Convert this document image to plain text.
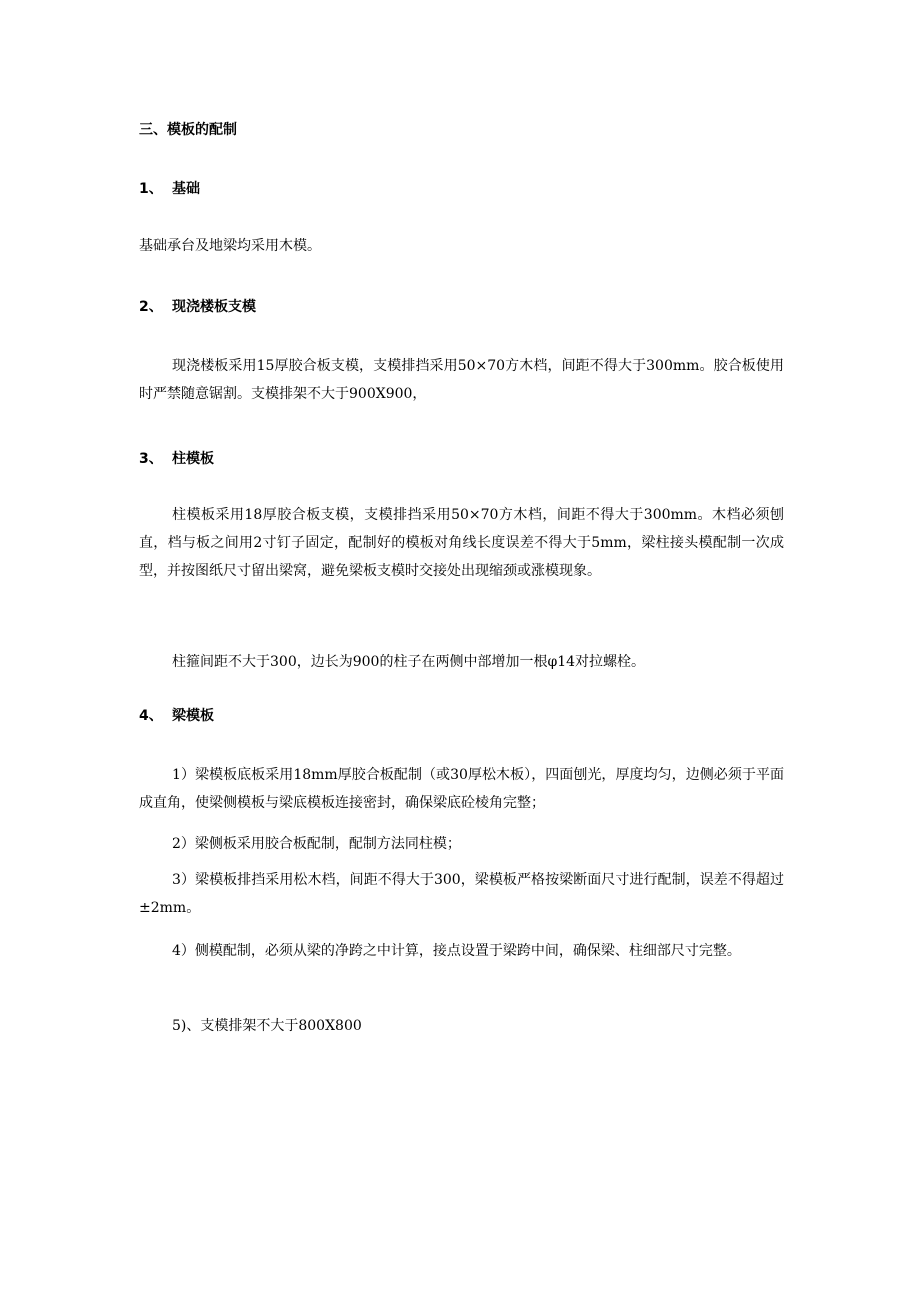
三、模板的配制
1、 基础
基础承台及地梁均采用木模。
2、 现浇楼板支模
现浇楼板采用15厚胶合板支模，支模排挡采用50×70方木档，间距不得大于300mm。胶合板使用时严禁随意锯割。支模排架不大于900X900，
3、 柱模板
柱模板采用18厚胶合板支模，支模排挡采用50×70方木档，间距不得大于300mm。木档必须刨直，档与板之间用2寸钉子固定，配制好的模板对角线长度误差不得大于5mm，梁柱接头模配制一次成型，并按图纸尺寸留出梁窝，避免梁板支模时交接处出现缩颈或涨模现象。
柱箍间距不大于300，边长为900的柱子在两侧中部增加一根φ14对拉螺栓。
4、 梁模板
1）梁模板底板采用18mm厚胶合板配制（或30厚松木板），四面刨光，厚度均匀，边侧必须于平面成直角，使梁侧模板与梁底模板连接密封，确保梁底砼棱角完整；
2）梁侧板采用胶合板配制，配制方法同柱模；
3）梁模板排挡采用松木档，间距不得大于300，梁模板严格按梁断面尺寸进行配制，误差不得超过±2mm。
4）侧模配制，必须从梁的净跨之中计算，接点设置于梁跨中间，确保梁、柱细部尺寸完整。
5)、支模排架不大于800X800
